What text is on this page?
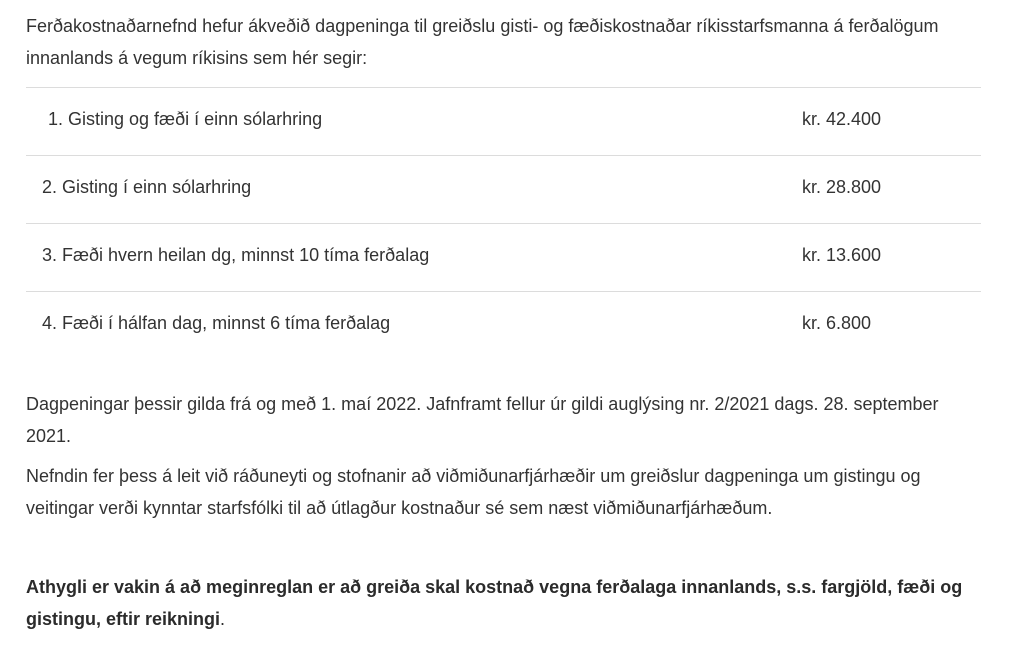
Ferðakostnaðarnefnd hefur ákveðið dagpeninga til greiðslu gisti- og fæðiskostnaðar ríkisstarfsmanna á ferðalögum innanlands á vegum ríkisins sem hér segir:

1. Gisting og fæði í einn sólarhring	kr. 42.400
2. Gisting í einn sólarhring	kr. 28.800
3. Fæði hvern heilan dg, minnst 10 tíma ferðalag	kr. 13.600
4. Fæði í hálfan dag, minnst 6 tíma ferðalag	kr. 6.800

Dagpeningar þessir gilda frá og með 1. maí 2022. Jafnframt fellur úr gildi auglýsing nr. 2/2021 dags. 28. september 2021.

Nefndin fer þess á leit við ráðuneyti og stofnanir að viðmiðunarfjárhæðir um greiðslur dagpeninga um gistingu og veitingar verði kynntar starfsfólki til að útlagður kostnaður sé sem næst viðmiðunarfjárhæðum.

Athygli er vakin á að meginreglan er að greiða skal kostnað vegna ferðalaga innanlands, s.s. fargjöld, fæði og gistingu, eftir reikningi.
